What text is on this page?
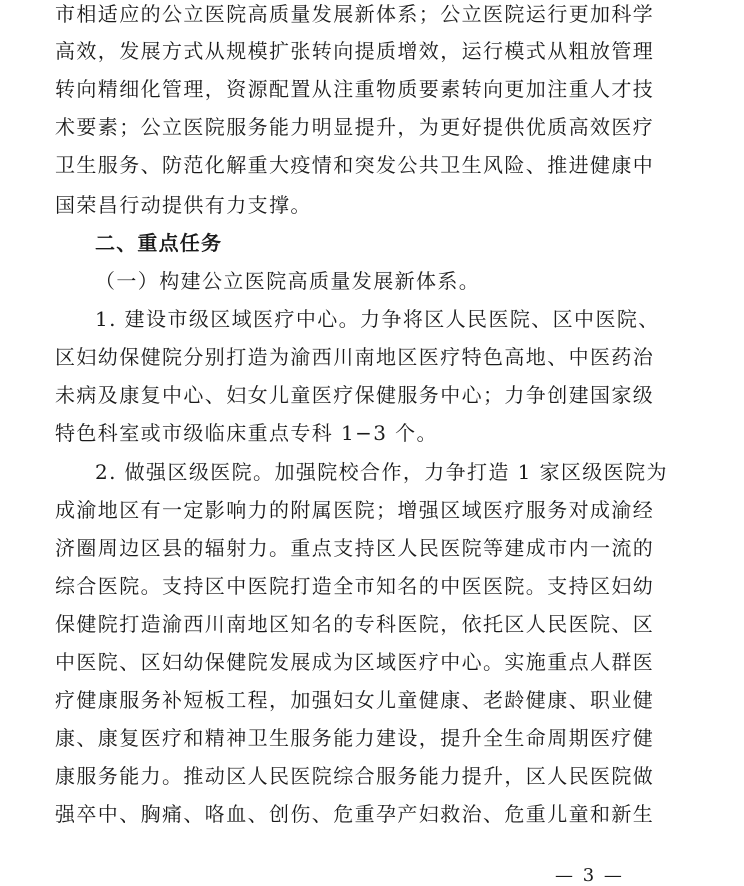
市相适应的公立医院高质量发展新体系；公立医院运行更加科学
高效，发展方式从规模扩张转向提质增效，运行模式从粗放管理
转向精细化管理，资源配置从注重物质要素转向更加注重人才技
术要素；公立医院服务能力明显提升，为更好提供优质高效医疗
卫生服务、防范化解重大疫情和突发公共卫生风险、推进健康中
国荣昌行动提供有力支撑。
二、重点任务
（一）构建公立医院高质量发展新体系。
1. 建设市级区域医疗中心。力争将区人民医院、区中医院、
区妇幼保健院分别打造为渝西川南地区医疗特色高地、中医药治
未病及康复中心、妇女儿童医疗保健服务中心；力争创建国家级
特色科室或市级临床重点专科 1−3 个。
2. 做强区级医院。加强院校合作，力争打造 1 家区级医院为
成渝地区有一定影响力的附属医院；增强区域医疗服务对成渝经
济圈周边区县的辐射力。重点支持区人民医院等建成市内一流的
综合医院。支持区中医院打造全市知名的中医医院。支持区妇幼
保健院打造渝西川南地区知名的专科医院，依托区人民医院、区
中医院、区妇幼保健院发展成为区域医疗中心。实施重点人群医
疗健康服务补短板工程，加强妇女儿童健康、老龄健康、职业健
康、康复医疗和精神卫生服务能力建设，提升全生命周期医疗健
康服务能力。推动区人民医院综合服务能力提升，区人民医院做
强卒中、胸痛、咯血、创伤、危重孕产妇救治、危重儿童和新生
— 3 —
